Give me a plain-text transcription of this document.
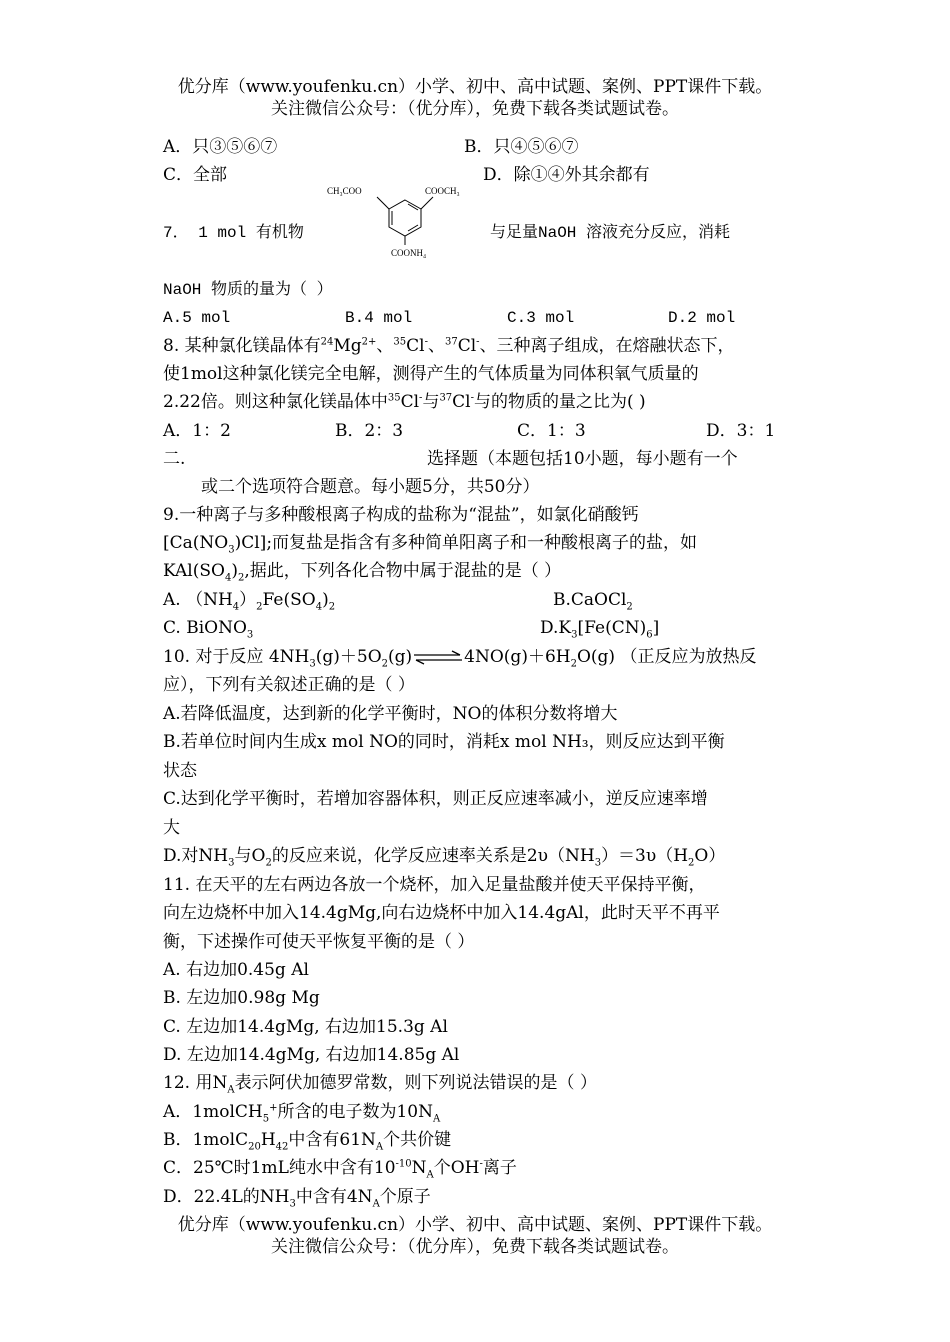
优分库（www.youfenku.cn）小学、初中、高中试题、案例、PPT课件下载。
关注微信公众号：（优分库），免费下载各类试题试卷。
A．只③⑤⑥⑦	B．只④⑤⑥⑦
C．全部	D．除①④外其余都有
7． 1 mol 有机物	与足量NaOH 溶液充分反应，消耗
CH₃COO	COOCH₃
COONH₄
NaOH 物质的量为（ ）
A.5 mol	B.4 mol	C.3 mol	D.2 mol
8. 某种氯化镁晶体有$^{24}Mg^{2+}$、$^{35}$Cl-、$^{37}$Cl-、三种离子组成，在熔融状态下，
使1mol这种氯化镁完全电解，测得产生的气体质量为同体积氧气质量的
2.22倍。则这种氯化镁晶体中$^{35}$Cl-与$^{37}$Cl-与的物质的量之比为( )
A．1：2	B．2：3	C．1：3	D．3：1
二.	选择题（本题包括10小题，每小题有一个
或二个选项符合题意。每小题5分，共50分）
9.一种离子与多种酸根离子构成的盐称为“混盐”，如氯化硝酸钙
$[Ca(NO_3)Cl]$;而复盐是指含有多种简单阳离子和一种酸根离子的盐，如
$KAl(SO_4)_2$,据此，下列各化合物中属于混盐的是（ ）
A. $(NH_4)_2Fe(SO_4)_2$	B.CaOCl$_2$
C. BiONO$_3$	$D.K_3[Fe(CN)_6]$
10. 对于反应 $4NH_3(g)+5O_2(g)\rightleftharpoons 4NO(g)+6H_2O(g)$ （正反应为放热反
应），下列有关叙述正确的是（ ）
A.若降低温度，达到新的化学平衡时，NO的体积分数将增大
B.若单位时间内生成x mol NO的同时，消耗x mol NH₃，则反应达到平衡
状态
C.达到化学平衡时，若增加容器体积，则正反应速率减小，逆反应速率增
大
D.对$NH_3$与$O_2$的反应来说，化学反应速率关系是$2\upsilon(NH_3)=3\upsilon(H_2O)$
11. 在天平的左右两边各放一个烧杯，加入足量盐酸并使天平保持平衡，
向左边烧杯中加入14.4gMg,向右边烧杯中加入14.4gAl，此时天平不再平
衡，下述操作可使天平恢复平衡的是（ ）
A. 右边加0.45g Al
B. 左边加0.98g Mg
C. 左边加14.4gMg, 右边加15.3g Al
D. 左边加14.4gMg, 右边加14.85g Al
12. 用$N_A$表示阿伏加德罗常数，则下列说法错误的是（ ）
A．1molCH$_5$+所含的电子数为$10N_A$
B．$1molC_{20}H_{42}$中含有$61N_A$个共价键
C．25℃时1mL纯水中含有$10^{-10}N_A$个OH-离子
D．22.4L的$NH_3$中含有$4N_A$个原子
优分库（www.youfenku.cn）小学、初中、高中试题、案例、PPT课件下载。
关注微信公众号：（优分库），免费下载各类试题试卷。
